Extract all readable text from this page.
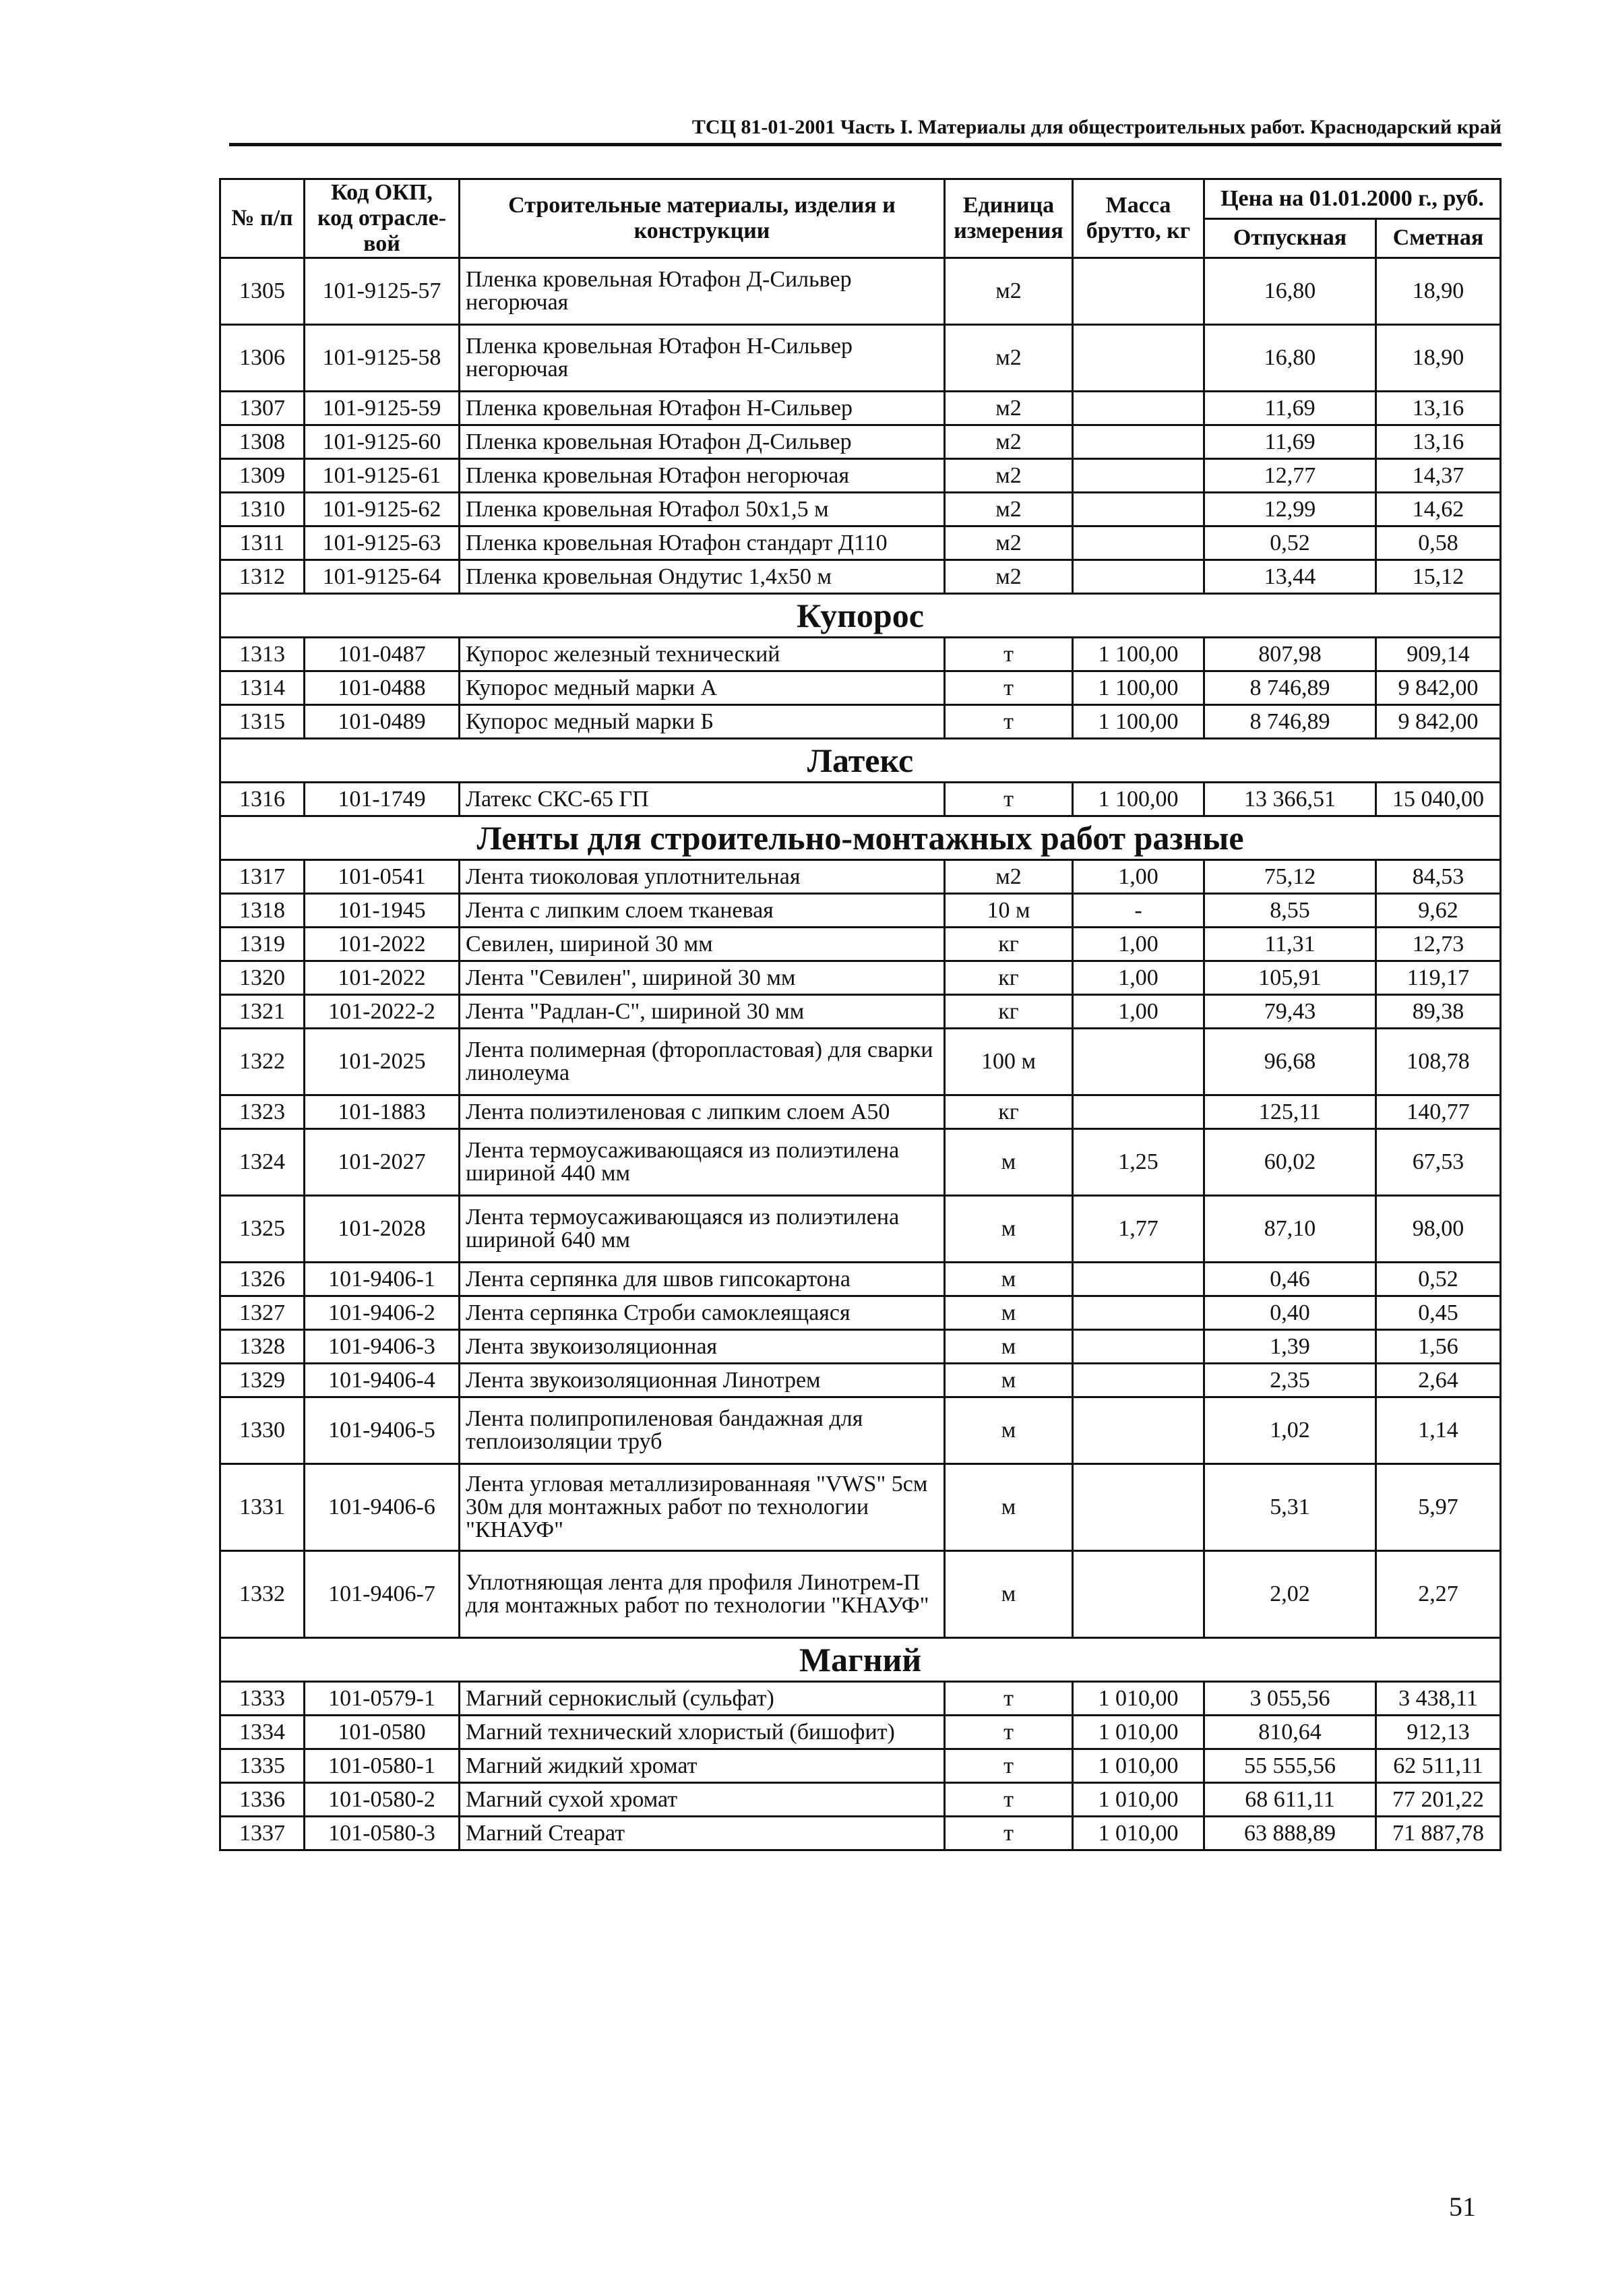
ТСЦ 81-01-2001 Часть I. Материалы для общестроительных работ. Краснодарский край
№ п/п	Код ОКП, код отраслевой	Строительные материалы, изделия и конструкции	Единица измерения	Масса брутто, кг	Цена на 01.01.2000 г., руб.	
					Отпускная	Сметная
1305	101-9125-57	Пленка кровельная Ютафон Д-Сильвер негорючая	м2		16,80	18,90
1306	101-9125-58	Пленка кровельная Ютафон Н-Сильвер негорючая	м2		16,80	18,90
1307	101-9125-59	Пленка кровельная Ютафон Н-Сильвер	м2		11,69	13,16
1308	101-9125-60	Пленка кровельная Ютафон Д-Сильвер	м2		11,69	13,16
1309	101-9125-61	Пленка кровельная Ютафон негорючая	м2		12,77	14,37
1310	101-9125-62	Пленка кровельная Ютафол 50х1,5 м	м2		12,99	14,62
1311	101-9125-63	Пленка кровельная Ютафон стандарт Д110	м2		0,52	0,58
1312	101-9125-64	Пленка кровельная Ондутис 1,4х50 м	м2		13,44	15,12
Купорос						
1313	101-0487	Купорос железный технический	т	1 100,00	807,98	909,14
1314	101-0488	Купорос медный марки А	т	1 100,00	8 746,89	9 842,00
1315	101-0489	Купорос медный марки Б	т	1 100,00	8 746,89	9 842,00
Латекс						
1316	101-1749	Латекс СКС-65 ГП	т	1 100,00	13 366,51	15 040,00
Ленты для строительно-монтажных работ разные						
1317	101-0541	Лента тиоколовая уплотнительная	м2	1,00	75,12	84,53
1318	101-1945	Лента с липким слоем тканевая	10 м	-	8,55	9,62
1319	101-2022	Севилен, шириной 30 мм	кг	1,00	11,31	12,73
1320	101-2022	Лента "Севилен", шириной 30 мм	кг	1,00	105,91	119,17
1321	101-2022-2	Лента "Радлан-С", шириной 30 мм	кг	1,00	79,43	89,38
1322	101-2025	Лента полимерная (фторопластовая) для сварки линолеума	100 м		96,68	108,78
1323	101-1883	Лента полиэтиленовая с липким слоем А50	кг		125,11	140,77
1324	101-2027	Лента термоусаживающаяся из полиэтилена шириной 440 мм	м	1,25	60,02	67,53
1325	101-2028	Лента термоусаживающаяся из полиэтилена шириной 640 мм	м	1,77	87,10	98,00
1326	101-9406-1	Лента серпянка для швов гипсокартона	м		0,46	0,52
1327	101-9406-2	Лента серпянка Строби самоклеящаяся	м		0,40	0,45
1328	101-9406-3	Лента звукоизоляционная	м		1,39	1,56
1329	101-9406-4	Лента звукоизоляционная Линотрем	м		2,35	2,64
1330	101-9406-5	Лента полипропиленовая бандажная для теплоизоляции труб	м		1,02	1,14
1331	101-9406-6	Лента угловая металлизированнаяя "VWS" 5см 30м для монтажных работ по технологии "КНАУФ"	м		5,31	5,97
1332	101-9406-7	Уплотняющая лента для профиля Линотрем-П для монтажных работ по технологии "КНАУФ"	м		2,02	2,27
Магний						
1333	101-0579-1	Магний сернокислый (сульфат)	т	1 010,00	3 055,56	3 438,11
1334	101-0580	Магний технический хлористый (бишофит)	т	1 010,00	810,64	912,13
1335	101-0580-1	Магний жидкий хромат	т	1 010,00	55 555,56	62 511,11
1336	101-0580-2	Магний сухой хромат	т	1 010,00	68 611,11	77 201,22
1337	101-0580-3	Магний Стеарат	т	1 010,00	63 888,89	71 887,78
51
